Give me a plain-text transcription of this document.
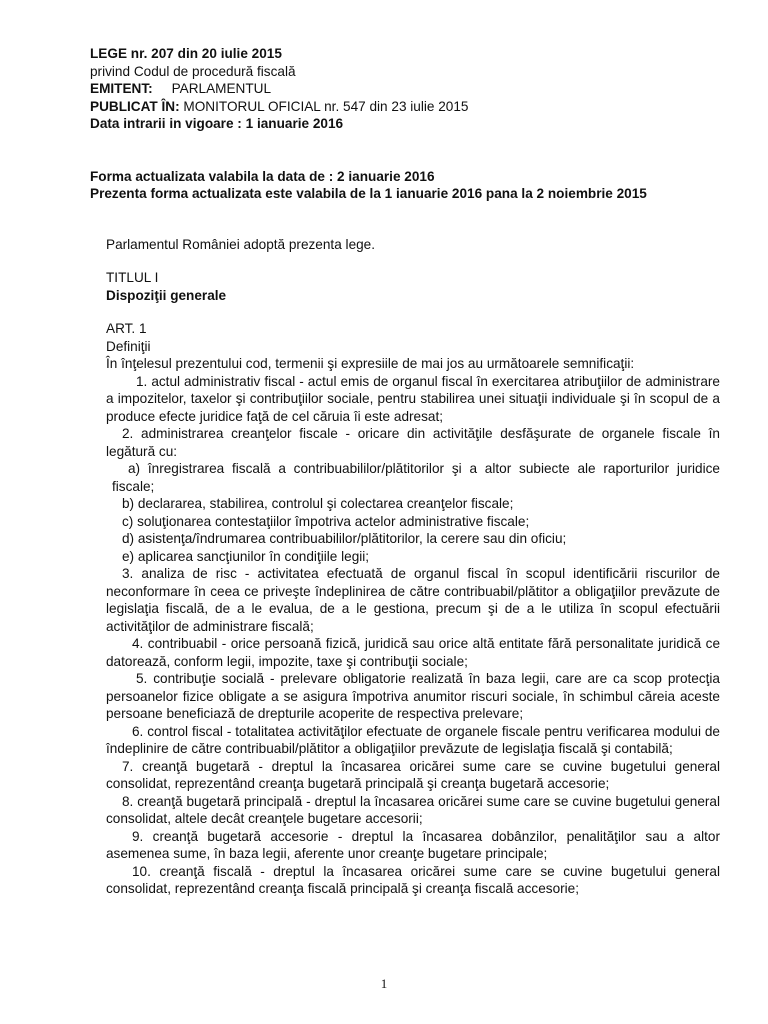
LEGE nr. 207 din 20 iulie 2015
privind Codul de procedură fiscală
EMITENT: PARLAMENTUL
PUBLICAT ÎN: MONITORUL OFICIAL nr. 547 din 23 iulie 2015
Data intrarii in vigoare : 1 ianuarie 2016
Forma actualizata valabila la data de : 2 ianuarie 2016
Prezenta forma actualizata este valabila de la 1 ianuarie 2016 pana la 2 noiembrie 2015
Parlamentul României adoptă prezenta lege.
TITLUL I
Dispoziţii generale
ART. 1
Definiţii
În înţelesul prezentului cod, termenii şi expresiile de mai jos au următoarele semnificaţii:

1. actul administrativ fiscal - actul emis de organul fiscal în exercitarea atribuţiilor de administrare a impozitelor, taxelor şi contribuţiilor sociale, pentru stabilirea unei situaţii individuale şi în scopul de a produce efecte juridice faţă de cel căruia îi este adresat;

2. administrarea creanţelor fiscale - oricare din activităţile desfăşurate de organele fiscale în legătură cu:

a) înregistrarea fiscală a contribuabililor/plătitorilor şi a altor subiecte ale raporturilor juridice fiscale;

b) declararea, stabilirea, controlul şi colectarea creanţelor fiscale;

c) soluţionarea contestaţiilor împotriva actelor administrative fiscale;

d) asistenţa/îndrumarea contribuabililor/plătitorilor, la cerere sau din oficiu;

e) aplicarea sancţiunilor în condiţiile legii;

3. analiza de risc - activitatea efectuată de organul fiscal în scopul identificării riscurilor de neconformare în ceea ce priveşte îndeplinirea de către contribuabil/plătitor a obligaţiilor prevăzute de legislaţia fiscală, de a le evalua, de a le gestiona, precum şi de a le utiliza în scopul efectuării activităţilor de administrare fiscală;

4. contribuabil - orice persoană fizică, juridică sau orice altă entitate fără personalitate juridică ce datorează, conform legii, impozite, taxe şi contribuţii sociale;

5. contribuţie socială - prelevare obligatorie realizată în baza legii, care are ca scop protecţia persoanelor fizice obligate a se asigura împotriva anumitor riscuri sociale, în schimbul căreia aceste persoane beneficiază de drepturile acoperite de respectiva prelevare;

6. control fiscal - totalitatea activităţilor efectuate de organele fiscale pentru verificarea modului de îndeplinire de către contribuabil/plătitor a obligaţiilor prevăzute de legislaţia fiscală şi contabilă;

7. creanţă bugetară - dreptul la încasarea oricărei sume care se cuvine bugetului general consolidat, reprezentând creanţa bugetară principală şi creanţa bugetară accesorie;

8. creanţă bugetară principală - dreptul la încasarea oricărei sume care se cuvine bugetului general consolidat, altele decât creanţele bugetare accesorii;

9. creanţă bugetară accesorie - dreptul la încasarea dobânzilor, penalităţilor sau a altor asemenea sume, în baza legii, aferente unor creanţe bugetare principale;

10. creanţă fiscală - dreptul la încasarea oricărei sume care se cuvine bugetului general consolidat, reprezentând creanţa fiscală principală şi creanţa fiscală accesorie;

1
